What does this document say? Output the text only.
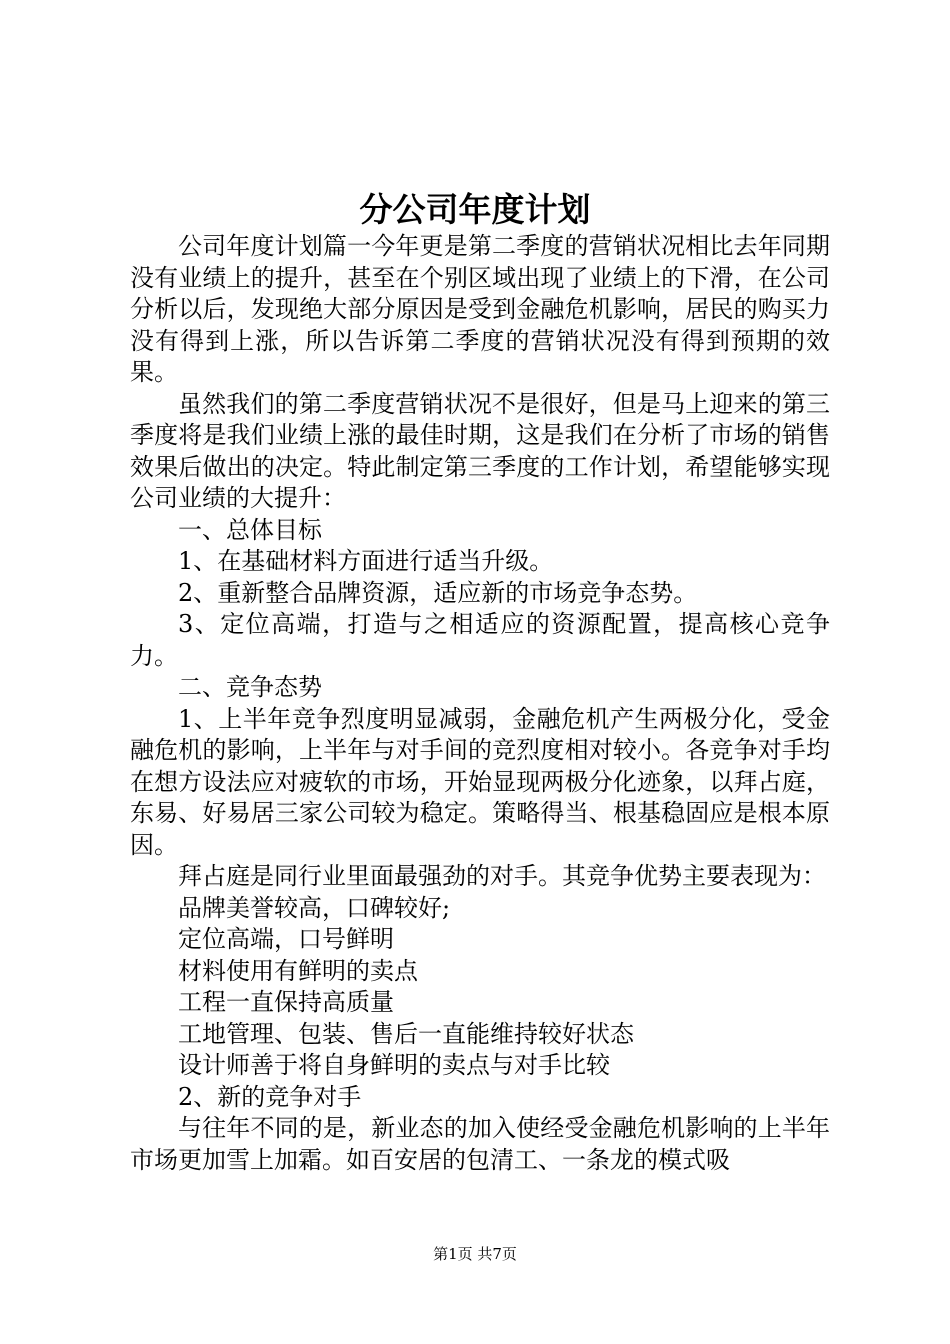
分公司年度计划

公司年度计划篇一今年更是第二季度的营销状况相比去年同期没有业绩上的提升，甚至在个别区域出现了业绩上的下滑，在公司分析以后，发现绝大部分原因是受到金融危机影响，居民的购买力没有得到上涨，所以告诉第二季度的营销状况没有得到预期的效果。

虽然我们的第二季度营销状况不是很好，但是马上迎来的第三季度将是我们业绩上涨的最佳时期，这是我们在分析了市场的销售效果后做出的决定。特此制定第三季度的工作计划，希望能够实现公司业绩的大提升：

一、总体目标

1、在基础材料方面进行适当升级。

2、重新整合品牌资源，适应新的市场竞争态势。

3、定位高端，打造与之相适应的资源配置，提高核心竞争力。

二、竞争态势

1、上半年竞争烈度明显减弱，金融危机产生两极分化，受金融危机的影响，上半年与对手间的竞烈度相对较小。各竞争对手均在想方设法应对疲软的市场，开始显现两极分化迹象，以拜占庭，东易、好易居三家公司较为稳定。策略得当、根基稳固应是根本原因。

拜占庭是同行业里面最强劲的对手。其竞争优势主要表现为：

品牌美誉较高，口碑较好;

定位高端，口号鲜明

材料使用有鲜明的卖点

工程一直保持高质量

工地管理、包装、售后一直能维持较好状态

设计师善于将自身鲜明的卖点与对手比较

2、新的竞争对手

与往年不同的是，新业态的加入使经受金融危机影响的上半年市场更加雪上加霜。如百安居的包清工、一条龙的模式吸

第1页 共7页
